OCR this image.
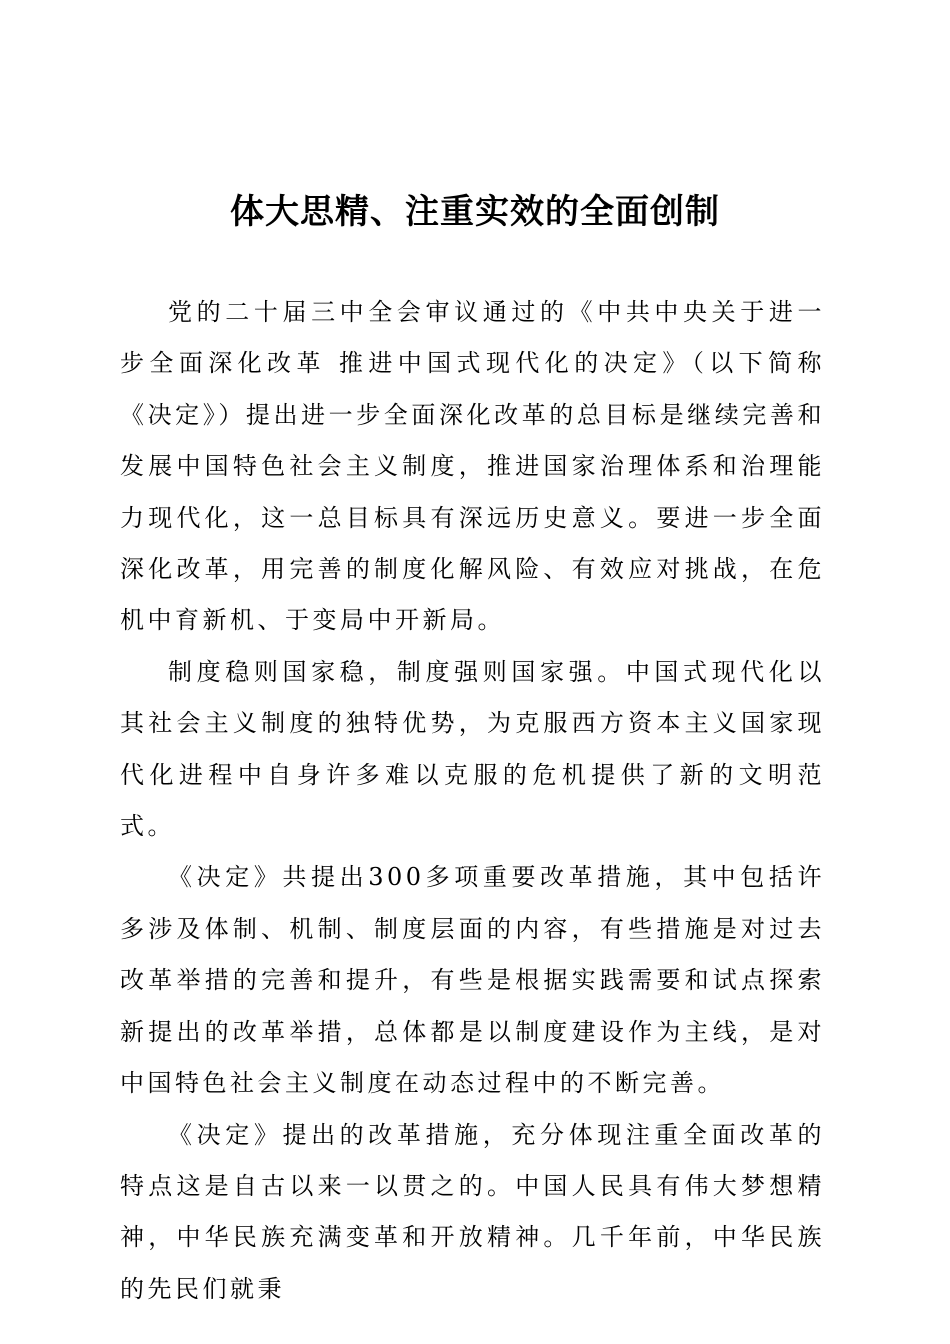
体大思精、注重实效的全面创制

党的二十届三中全会审议通过的《中共中央关于进一步全面深化改革 推进中国式现代化的决定》（以下简称《决定》）提出进一步全面深化改革的总目标是继续完善和发展中国特色社会主义制度，推进国家治理体系和治理能力现代化，这一总目标具有深远历史意义。要进一步全面深化改革，用完善的制度化解风险、有效应对挑战，在危机中育新机、于变局中开新局。

制度稳则国家稳，制度强则国家强。中国式现代化以其社会主义制度的独特优势，为克服西方资本主义国家现代化进程中自身许多难以克服的危机提供了新的文明范式。

《决定》共提出300多项重要改革措施，其中包括许多涉及体制、机制、制度层面的内容，有些措施是对过去改革举措的完善和提升，有些是根据实践需要和试点探索新提出的改革举措，总体都是以制度建设作为主线，是对中国特色社会主义制度在动态过程中的不断完善。

《决定》提出的改革措施，充分体现注重全面改革的特点这是自古以来一以贯之的。中国人民具有伟大梦想精神，中华民族充满变革和开放精神。几千年前，中华民族的先民们就秉
